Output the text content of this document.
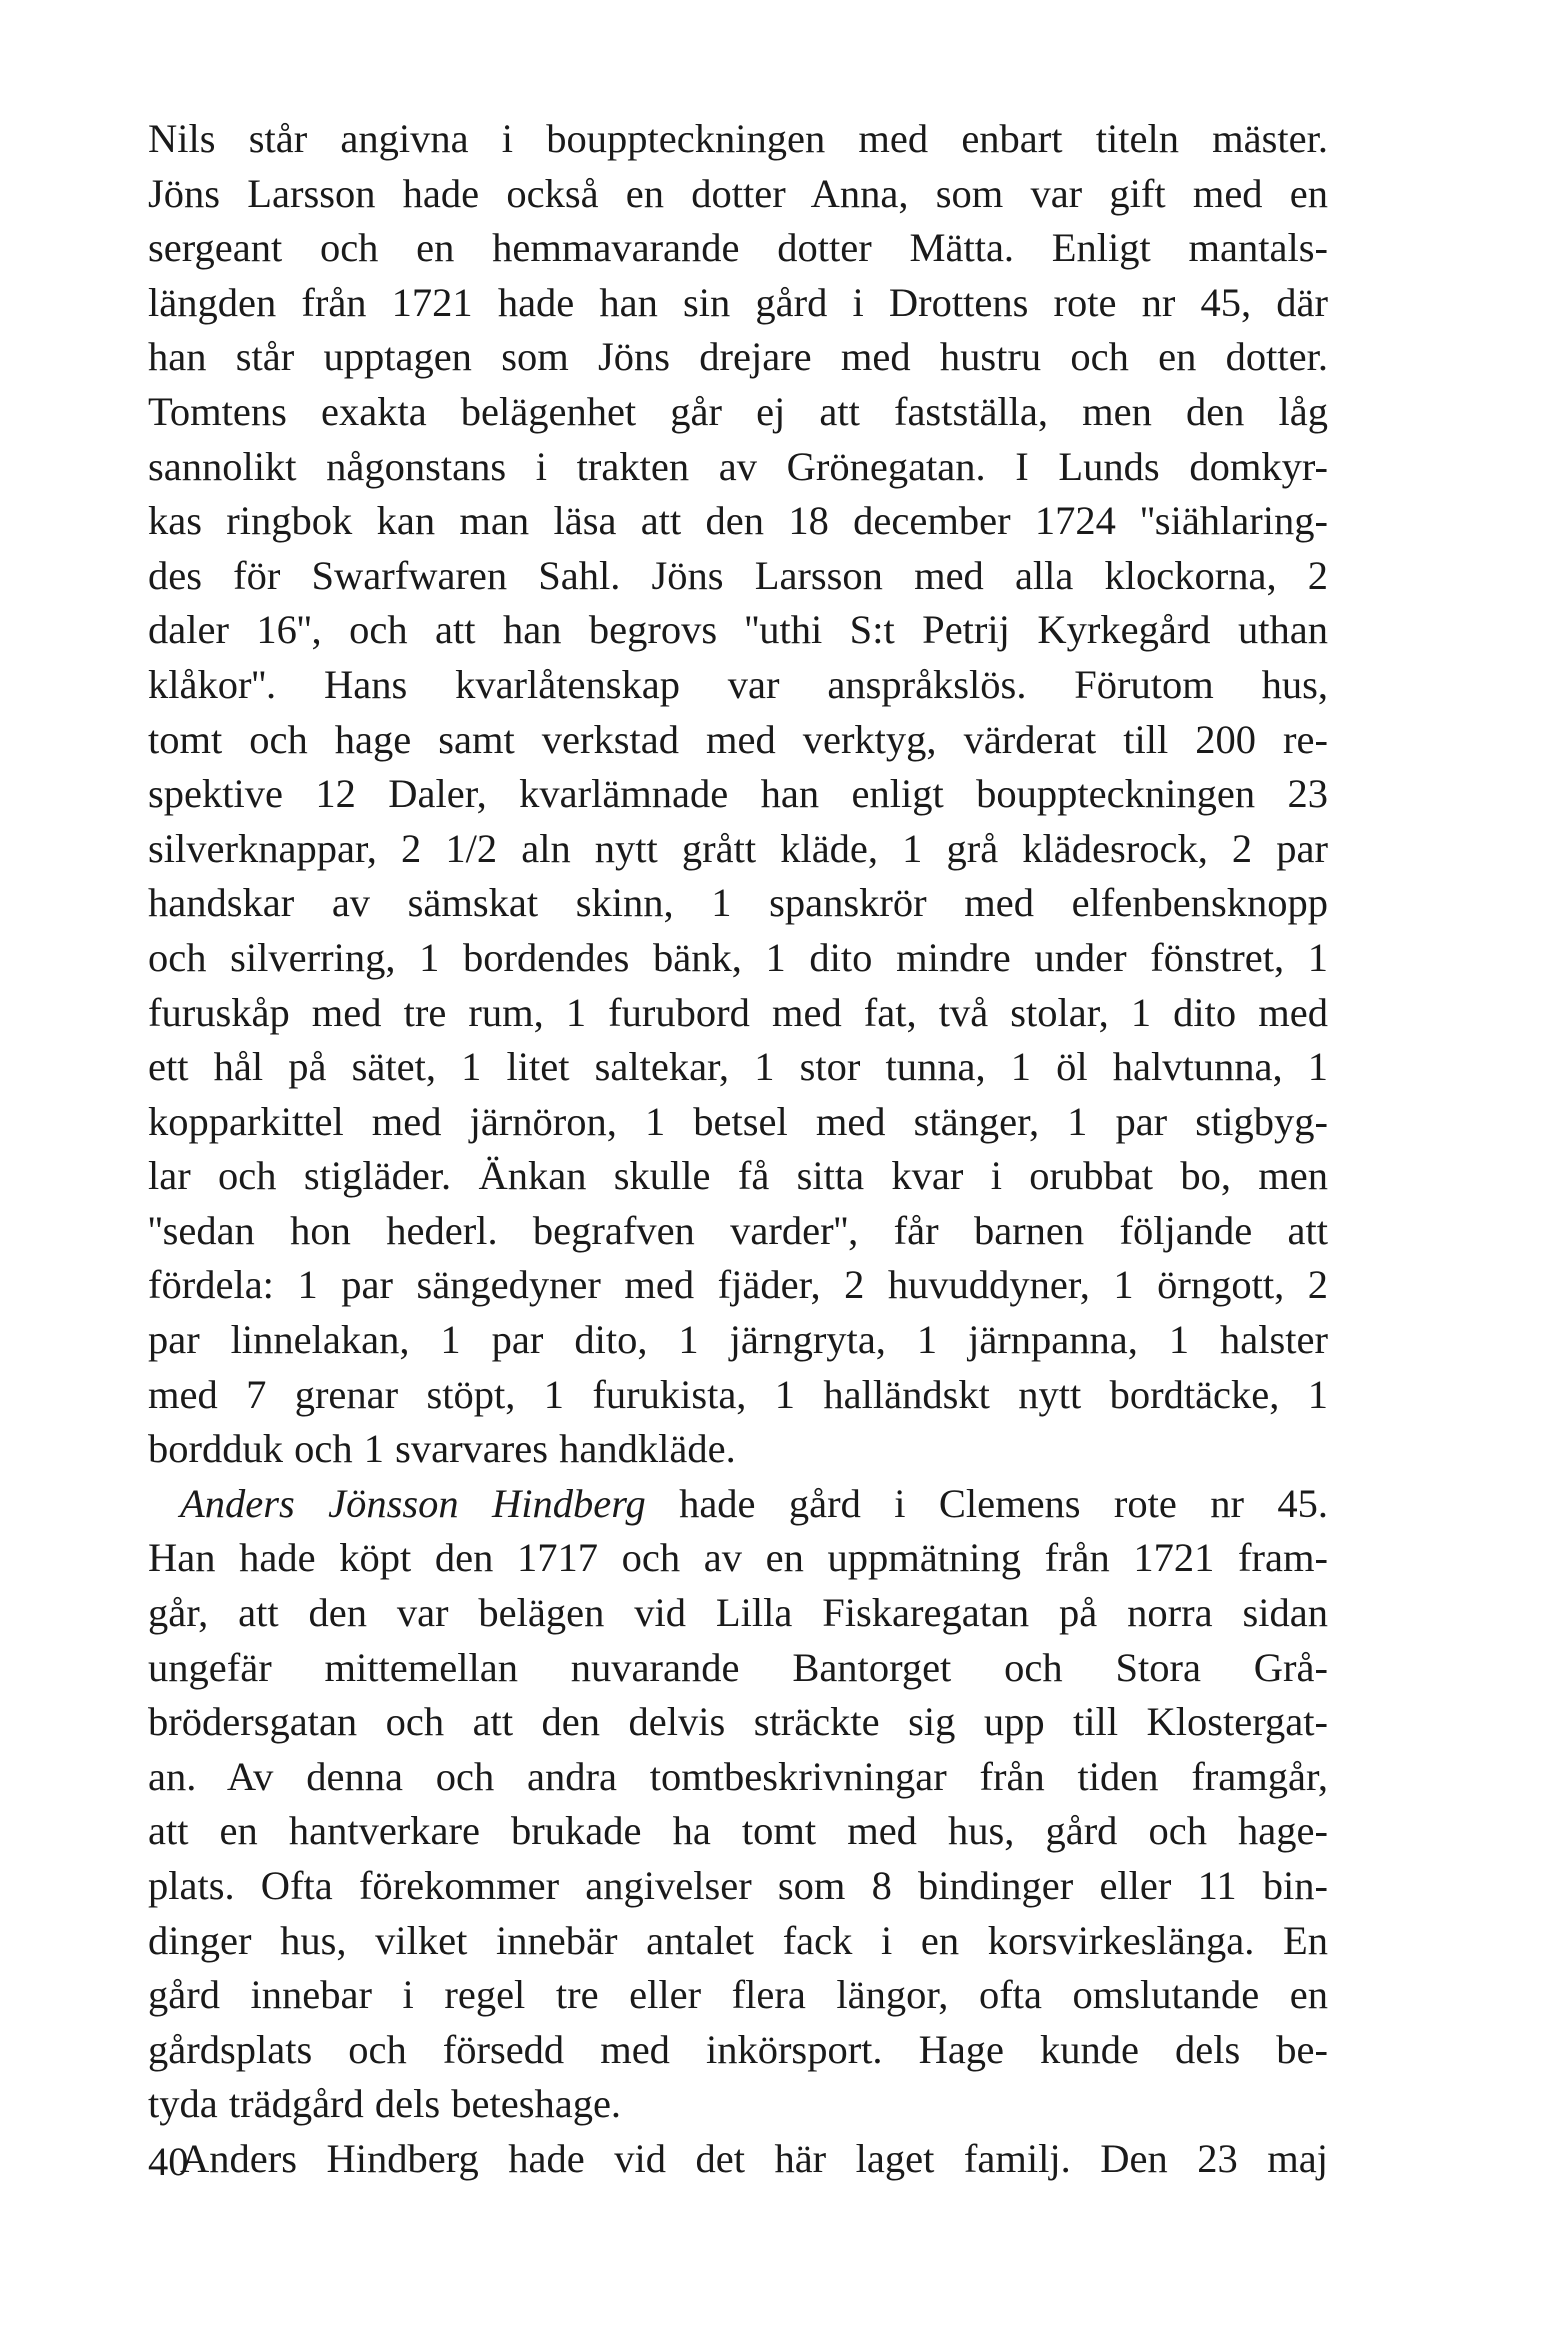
Nils står angivna i bouppteckningen med enbart titeln mäster.
Jöns Larsson hade också en dotter Anna, som var gift med en
sergeant och en hemmavarande dotter Mätta. Enligt mantals-
längden från 1721 hade han sin gård i Drottens rote nr 45, där
han står upptagen som Jöns drejare med hustru och en dotter.
Tomtens exakta belägenhet går ej att fastställa, men den låg
sannolikt någonstans i trakten av Grönegatan. I Lunds domkyr-
kas ringbok kan man läsa att den 18 december 1724 ''siählaring-
des för Swarfwaren Sahl. Jöns Larsson med alla klockorna, 2
daler 16'', och att han begrovs ''uthi S:t Petrij Kyrkegård uthan
klåkor''. Hans kvarlåtenskap var anspråkslös. Förutom hus,
tomt och hage samt verkstad med verktyg, värderat till 200 re-
spektive 12 Daler, kvarlämnade han enligt bouppteckningen 23
silverknappar, 2 1/2 aln nytt grått kläde, 1 grå klädesrock, 2 par
handskar av sämskat skinn, 1 spanskrör med elfenbensknopp
och silverring, 1 bordendes bänk, 1 dito mindre under fönstret, 1
furuskåp med tre rum, 1 furubord med fat, två stolar, 1 dito med
ett hål på sätet, 1 litet saltekar, 1 stor tunna, 1 öl halvtunna, 1
kopparkittel med järnöron, 1 betsel med stänger, 1 par stigbyg-
lar och stigläder. Änkan skulle få sitta kvar i orubbat bo, men
''sedan hon hederl. begrafven varder'', får barnen följande att
fördela: 1 par sängedyner med fjäder, 2 huvuddyner, 1 örngott, 2
par linnelakan, 1 par dito, 1 järngryta, 1 järnpanna, 1 halster
med 7 grenar stöpt, 1 furukista, 1 halländskt nytt bordtäcke, 1
bordduk och 1 svarvares handkläde.
Anders Jönsson Hindberg hade gård i Clemens rote nr 45.
Han hade köpt den 1717 och av en uppmätning från 1721 fram-
går, att den var belägen vid Lilla Fiskaregatan på norra sidan
ungefär mittemellan nuvarande Bantorget och Stora Grå-
brödersgatan och att den delvis sträckte sig upp till Klostergat-
an. Av denna och andra tomtbeskrivningar från tiden framgår,
att en hantverkare brukade ha tomt med hus, gård och hage-
plats. Ofta förekommer angivelser som 8 bindinger eller 11 bin-
dinger hus, vilket innebär antalet fack i en korsvirkeslänga. En
gård innebar i regel tre eller flera längor, ofta omslutande en
gårdsplats och försedd med inkörsport. Hage kunde dels be-
tyda trädgård dels beteshage.
Anders Hindberg hade vid det här laget familj. Den 23 maj
40
